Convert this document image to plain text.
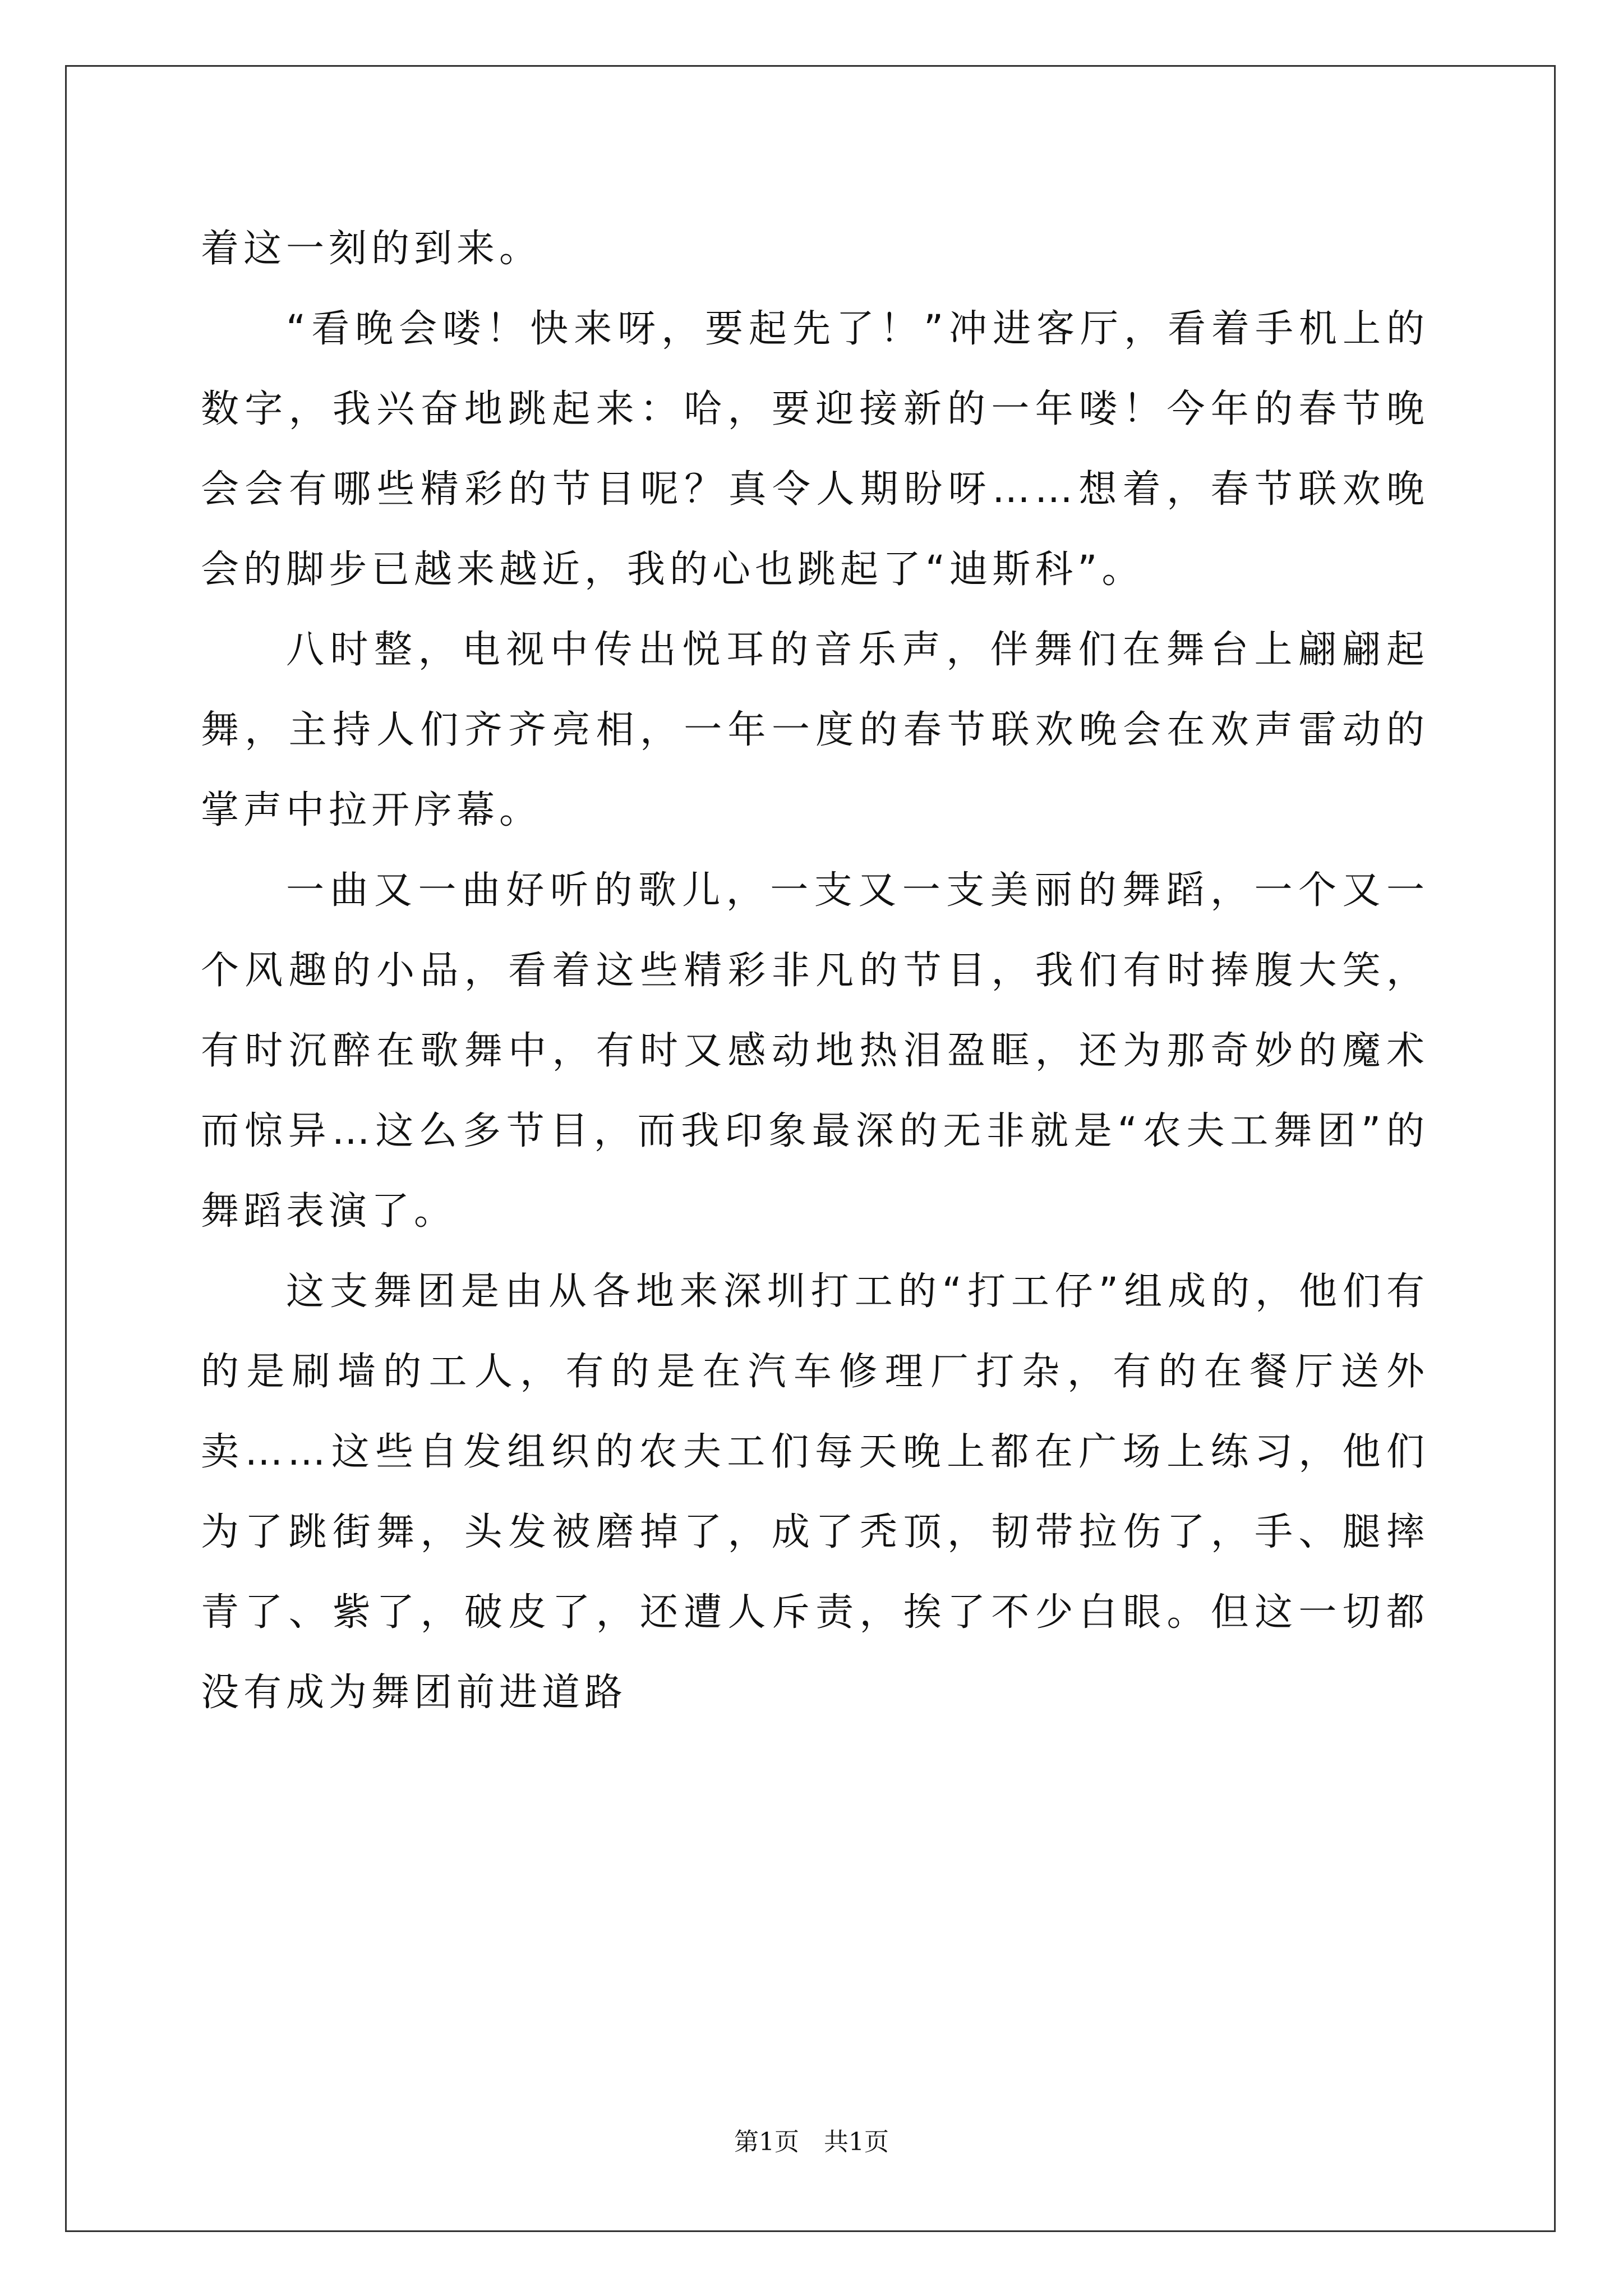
着这一刻的到来。

“看晚会喽！快来呀，要起先了！”冲进客厅，看着手机上的数字，我兴奋地跳起来：哈，要迎接新的一年喽！今年的春节晚会会有哪些精彩的节目呢？真令人期盼呀……想着，春节联欢晚会的脚步已越来越近，我的心也跳起了“迪斯科”。

八时整，电视中传出悦耳的音乐声，伴舞们在舞台上翩翩起舞，主持人们齐齐亮相，一年一度的春节联欢晚会在欢声雷动的掌声中拉开序幕。

一曲又一曲好听的歌儿，一支又一支美丽的舞蹈，一个又一个风趣的小品，看着这些精彩非凡的节目，我们有时捧腹大笑，有时沉醉在歌舞中，有时又感动地热泪盈眶，还为那奇妙的魔术而惊异…这么多节目，而我印象最深的无非就是“农夫工舞团”的舞蹈表演了。

这支舞团是由从各地来深圳打工的“打工仔”组成的，他们有的是刷墙的工人，有的是在汽车修理厂打杂，有的在餐厅送外卖……这些自发组织的农夫工们每天晚上都在广场上练习，他们为了跳街舞，头发被磨掉了，成了秃顶，韧带拉伤了，手、腿摔青了、紫了，破皮了，还遭人斥责，挨了不少白眼。但这一切都没有成为舞团前进道路

第1页 共1页
